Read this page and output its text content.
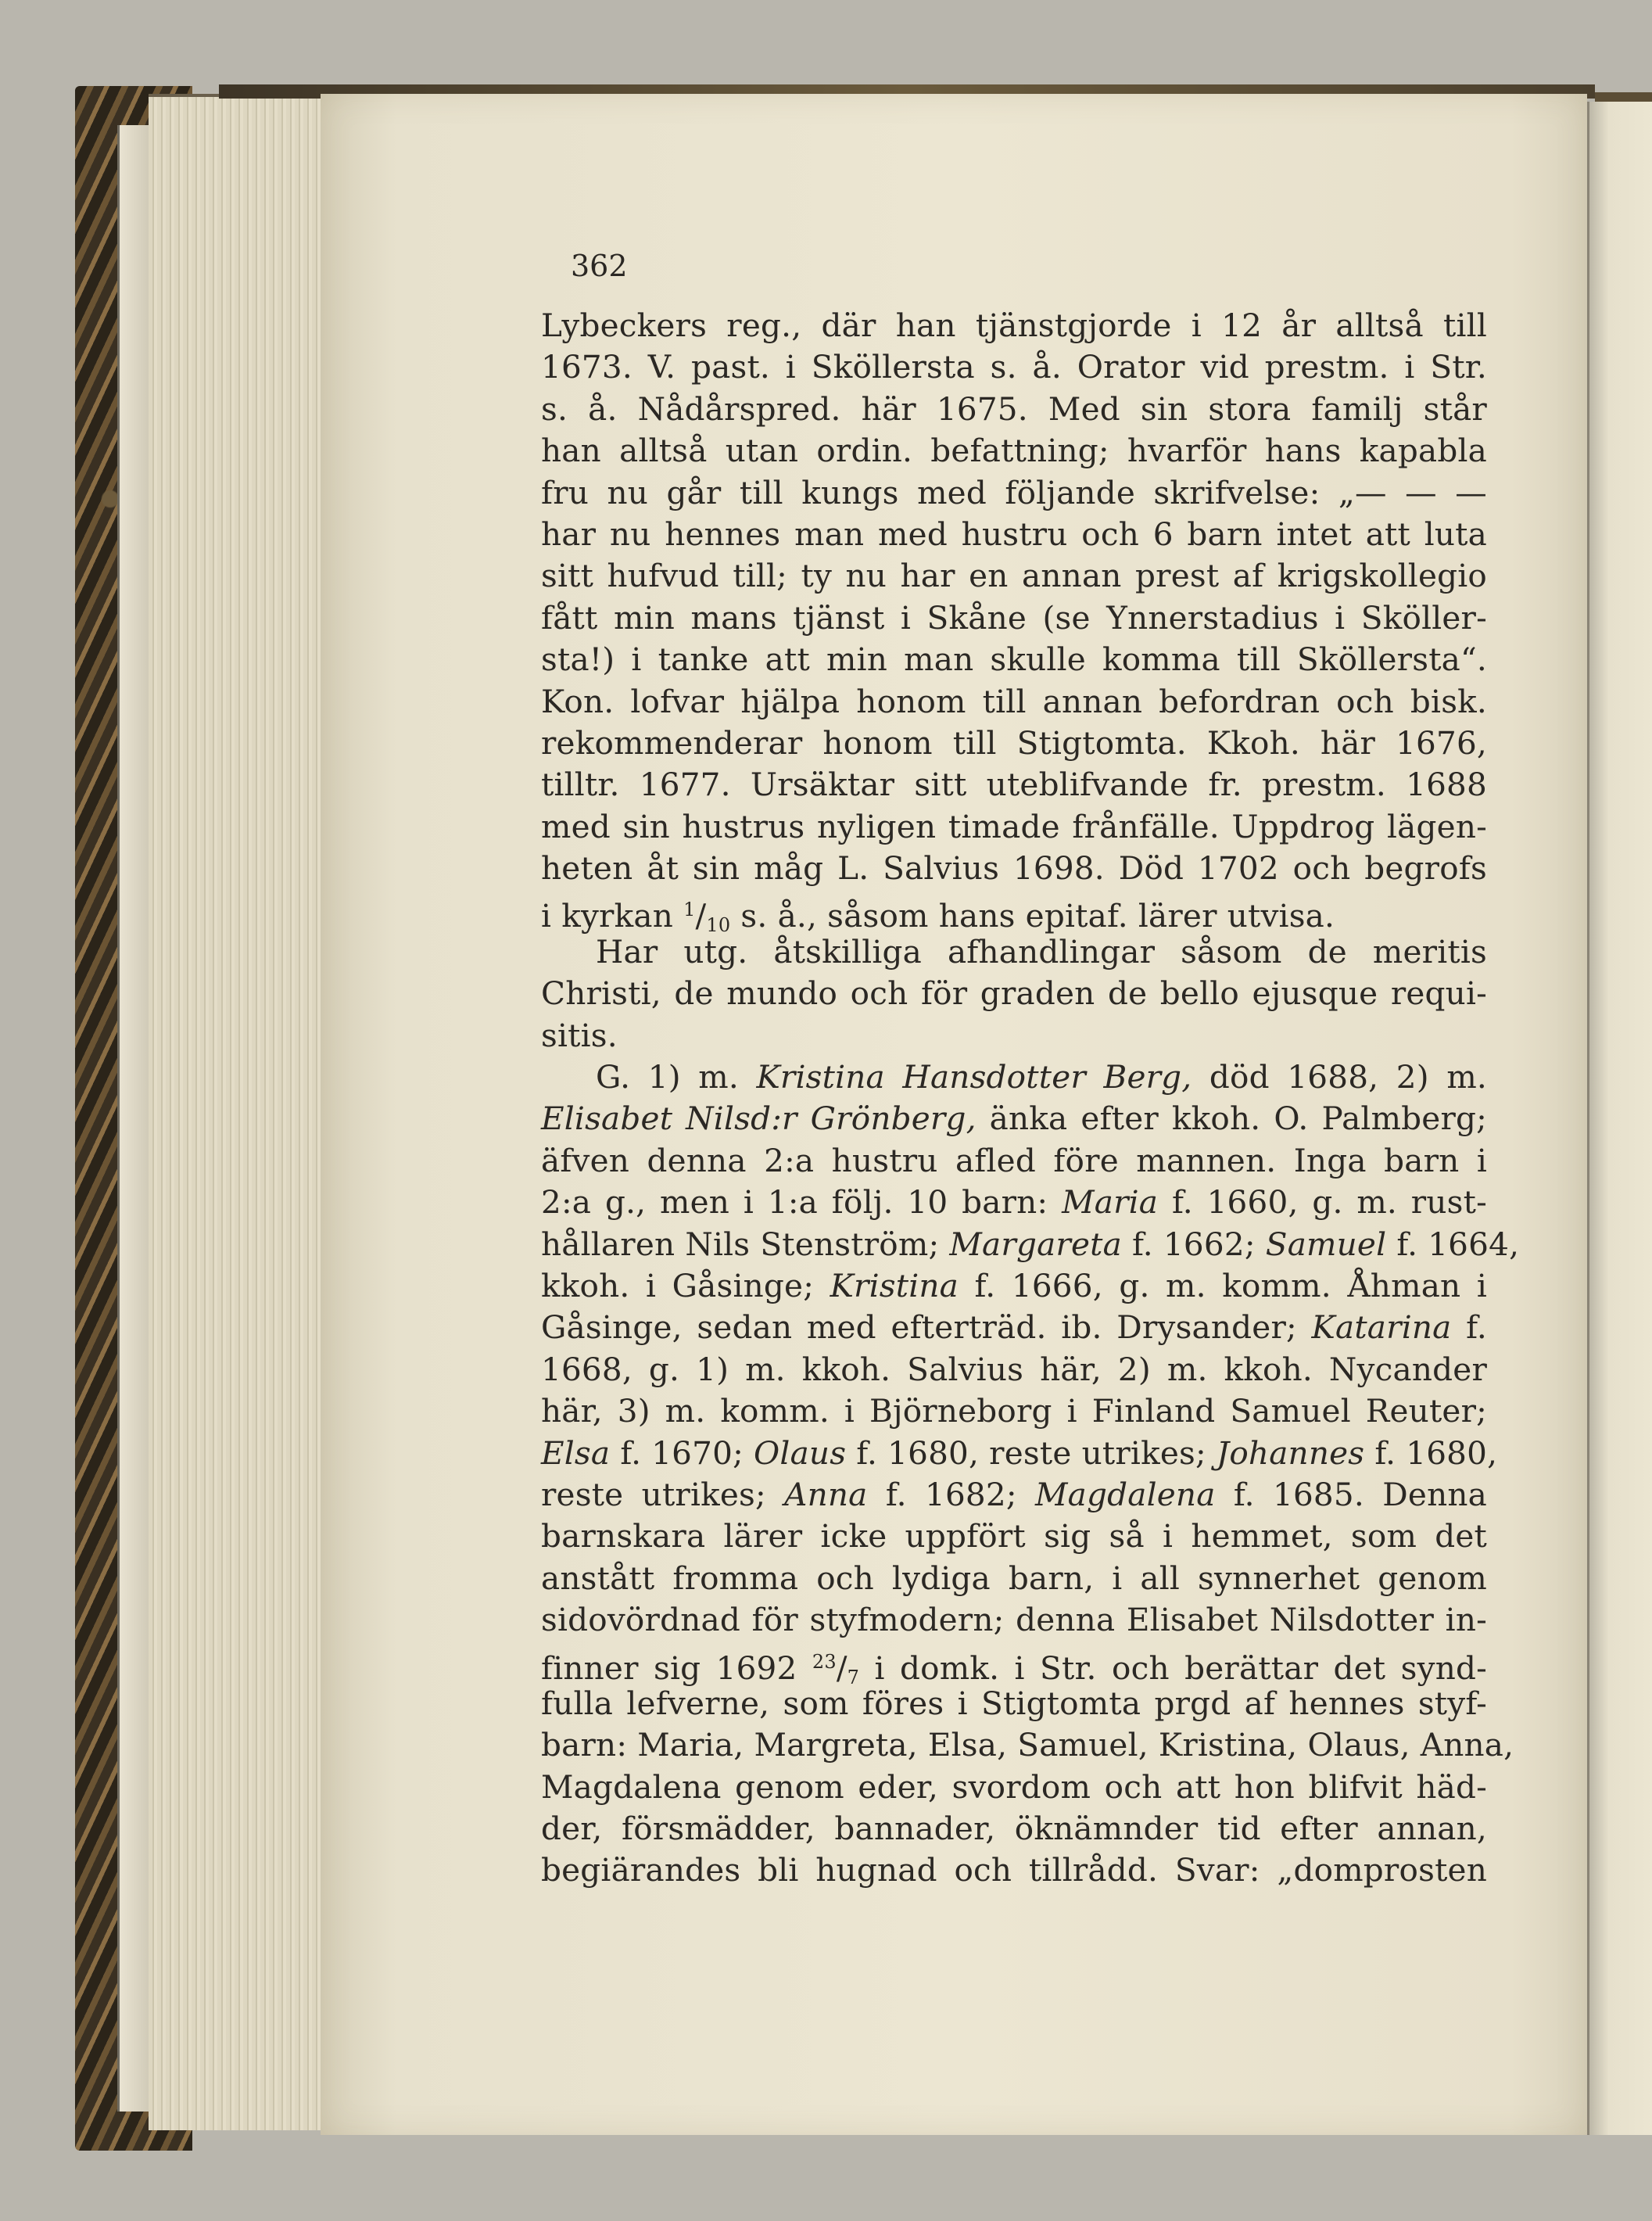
362
Lybeckers reg., där han tjänstgjorde i 12 år alltså till
1673. V. past. i Sköllersta s. å. Orator vid prestm. i Str.
s. å. Nådårspred. här 1675. Med sin stora familj står
han alltså utan ordin. befattning; hvarför hans kapabla
fru nu går till kungs med följande skrifvelse: „— — —
har nu hennes man med hustru och 6 barn intet att luta
sitt hufvud till; ty nu har en annan prest af krigskollegio
fått min mans tjänst i Skåne (se Ynnerstadius i Sköller-
sta!) i tanke att min man skulle komma till Sköllersta“.
Kon. lofvar hjälpa honom till annan befordran och bisk.
rekommenderar honom till Stigtomta. Kkoh. här 1676,
tilltr. 1677. Ursäktar sitt uteblifvande fr. prestm. 1688
med sin hustrus nyligen timade frånfälle. Uppdrog lägen-
heten åt sin måg L. Salvius 1698. Död 1702 och begrofs
i kyrkan $^1/_{10}$ s. å., såsom hans epitaf. lärer utvisa.
Har utg. åtskilliga afhandlingar såsom de meritis
Christi, de mundo och för graden de bello ejusque requi-
sitis.
G. 1) m. Kristina Hansdotter Berg, död 1688, 2) m.
Elisabet Nilsd:r Grönberg, änka efter kkoh. O. Palmberg;
äfven denna 2:a hustru afled före mannen. Inga barn i
2:a g., men i 1:a följ. 10 barn: Maria f. 1660, g. m. rust-
hållaren Nils Stenström; Margareta f. 1662; Samuel f. 1664,
kkoh. i Gåsinge; Kristina f. 1666, g. m. komm. Åhman i
Gåsinge, sedan med efterträd. ib. Drysander; Katarina f.
1668, g. 1) m. kkoh. Salvius här, 2) m. kkoh. Nycander
här, 3) m. komm. i Björneborg i Finland Samuel Reuter;
Elsa f. 1670; Olaus f. 1680, reste utrikes; Johannes f. 1680,
reste utrikes; Anna f. 1682; Magdalena f. 1685. Denna
barnskara lärer icke uppfört sig så i hemmet, som det
anstått fromma och lydiga barn, i all synnerhet genom
sidovördnad för styfmodern; denna Elisabet Nilsdotter in-
finner sig 1692 $^{23}/_7$ i domk. i Str. och berättar det synd-
fulla lefverne, som föres i Stigtomta prgd af hennes styf-
barn: Maria, Margreta, Elsa, Samuel, Kristina, Olaus, Anna,
Magdalena genom eder, svordom och att hon blifvit häd-
der, försmädder, bannader, öknämnder tid efter annan,
begiärandes bli hugnad och tillrådd. Svar: „domprosten
